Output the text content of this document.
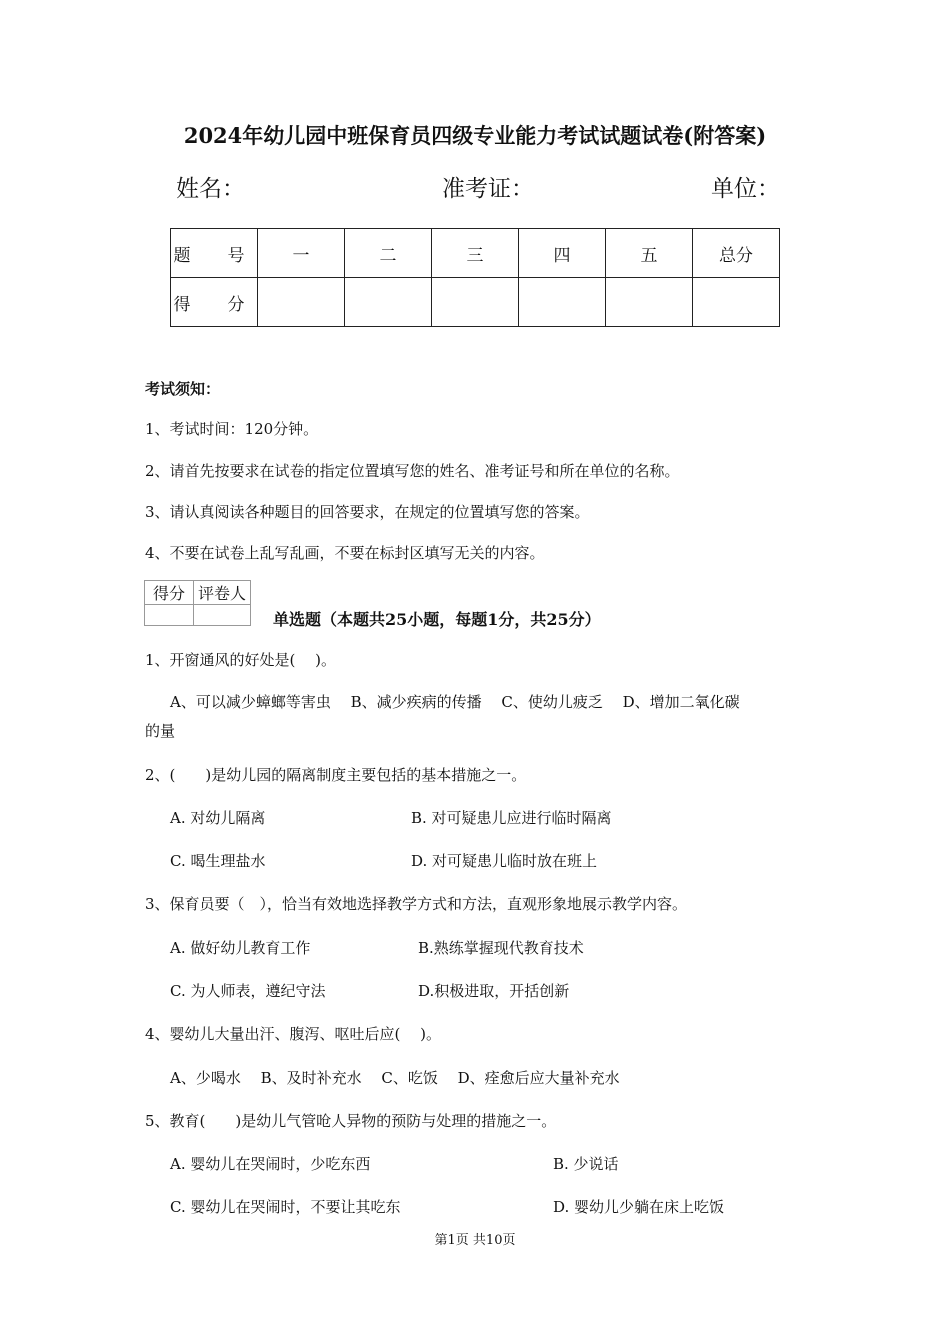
2024年幼儿园中班保育员四级专业能力考试试题试卷(附答案)
姓名：	准考证：	单位：
题　号	一	二	三	四	五	总分
得　分						
考试须知：
1、考试时间：120分钟。
2、请首先按要求在试卷的指定位置填写您的姓名、准考证号和所在单位的名称。
3、请认真阅读各种题目的回答要求，在规定的位置填写您的答案。
4、不要在试卷上乱写乱画，不要在标封区填写无关的内容。
得分	评卷人

单选题（本题共25小题，每题1分，共25分）
1、开窗通风的好处是(　 )。
A、可以减少蟑螂等害虫　 B、减少疾病的传播　 C、使幼儿疲乏　 D、增加二氧化碳
的量
2、(　　)是幼儿园的隔离制度主要包括的基本措施之一。
A. 对幼儿隔离	B. 对可疑患儿应进行临时隔离
C. 喝生理盐水	D. 对可疑患儿临时放在班上
3、保育员要（　），恰当有效地选择教学方式和方法，直观形象地展示教学内容。
A. 做好幼儿教育工作	B.熟练掌握现代教育技术
C. 为人师表，遵纪守法	D.积极进取，开括创新
4、婴幼儿大量出汗、腹泻、呕吐后应(　 )。
A、少喝水　 B、及时补充水　 C、吃饭　 D、痊愈后应大量补充水
5、教育(　　)是幼儿气管呛人异物的预防与处理的措施之一。
A. 婴幼儿在哭闹时，少吃东西	B. 少说话
C. 婴幼儿在哭闹时，不要让其吃东	D. 婴幼儿少躺在床上吃饭
第1页 共10页
